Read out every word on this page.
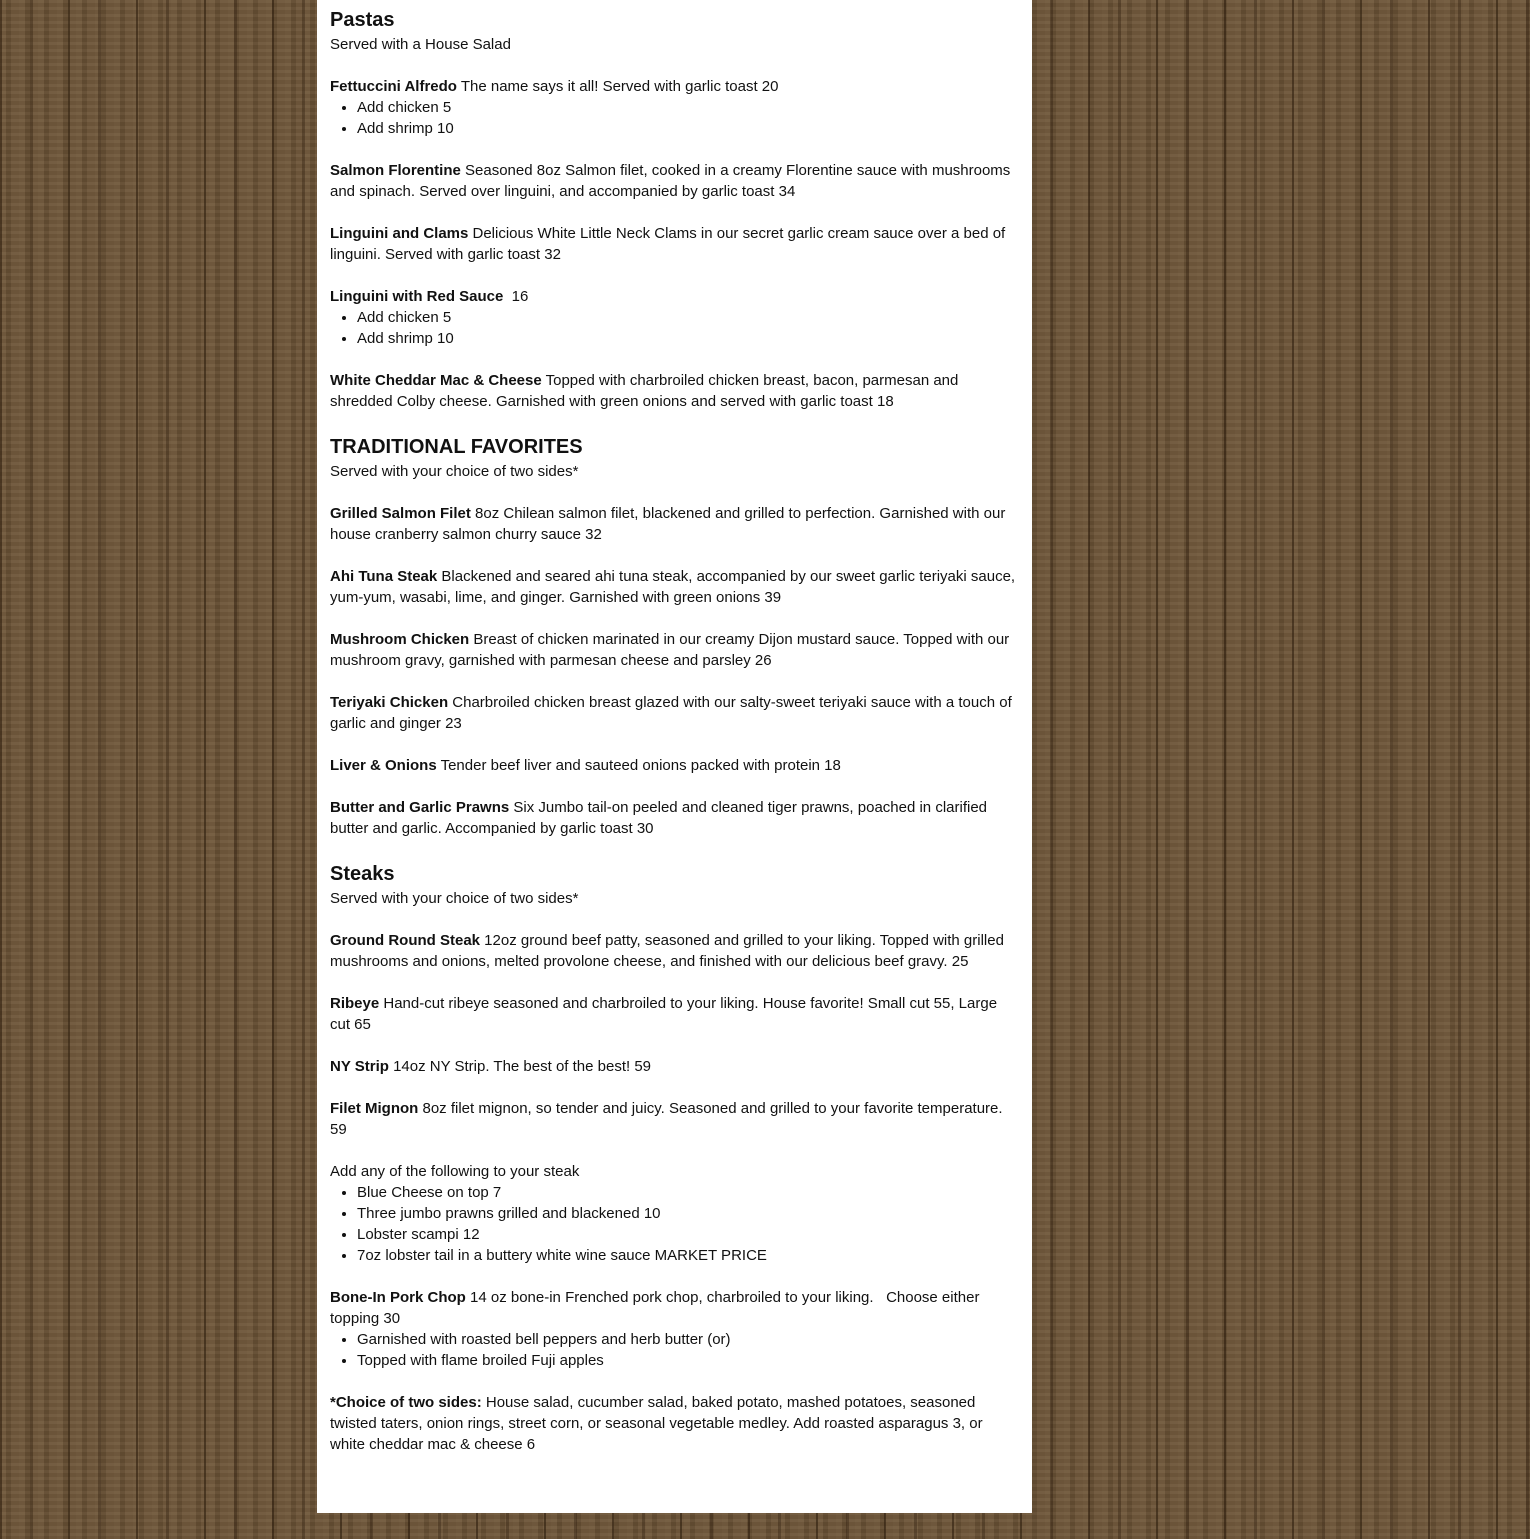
Pastas

Served with a House Salad

Fettuccini Alfredo The name says it all! Served with garlic toast 20

• Add chicken 5
• Add shrimp 10

Salmon Florentine Seasoned 8oz Salmon filet, cooked in a creamy Florentine sauce with mushrooms and spinach. Served over linguini, and accompanied by garlic toast 34

Linguini and Clams Delicious White Little Neck Clams in our secret garlic cream sauce over a bed of linguini. Served with garlic toast 32

Linguini with Red Sauce  16

• Add chicken 5
• Add shrimp 10

White Cheddar Mac & Cheese Topped with charbroiled chicken breast, bacon, parmesan and shredded Colby cheese. Garnished with green onions and served with garlic toast 18

TRADITIONAL FAVORITES

Served with your choice of two sides*

Grilled Salmon Filet 8oz Chilean salmon filet, blackened and grilled to perfection. Garnished with our house cranberry salmon churry sauce 32

Ahi Tuna Steak Blackened and seared ahi tuna steak, accompanied by our sweet garlic teriyaki sauce, yum-yum, wasabi, lime, and ginger. Garnished with green onions 39

Mushroom Chicken Breast of chicken marinated in our creamy Dijon mustard sauce. Topped with our mushroom gravy, garnished with parmesan cheese and parsley 26

Teriyaki Chicken Charbroiled chicken breast glazed with our salty-sweet teriyaki sauce with a touch of garlic and ginger 23

Liver & Onions Tender beef liver and sauteed onions packed with protein 18

Butter and Garlic Prawns Six Jumbo tail-on peeled and cleaned tiger prawns, poached in clarified butter and garlic. Accompanied by garlic toast 30

Steaks

Served with your choice of two sides*

Ground Round Steak 12oz ground beef patty, seasoned and grilled to your liking. Topped with grilled mushrooms and onions, melted provolone cheese, and finished with our delicious beef gravy. 25

Ribeye Hand-cut ribeye seasoned and charbroiled to your liking. House favorite! Small cut 55, Large cut 65

NY Strip 14oz NY Strip. The best of the best! 59

Filet Mignon 8oz filet mignon, so tender and juicy. Seasoned and grilled to your favorite temperature. 59

Add any of the following to your steak

• Blue Cheese on top 7
• Three jumbo prawns grilled and blackened 10
• Lobster scampi 12
• 7oz lobster tail in a buttery white wine sauce MARKET PRICE

Bone-In Pork Chop 14 oz bone-in Frenched pork chop, charbroiled to your liking.   Choose either topping 30

• Garnished with roasted bell peppers and herb butter (or)
• Topped with flame broiled Fuji apples

*Choice of two sides: House salad, cucumber salad, baked potato, mashed potatoes, seasoned twisted taters, onion rings, street corn, or seasonal vegetable medley. Add roasted asparagus 3, or white cheddar mac & cheese 6
